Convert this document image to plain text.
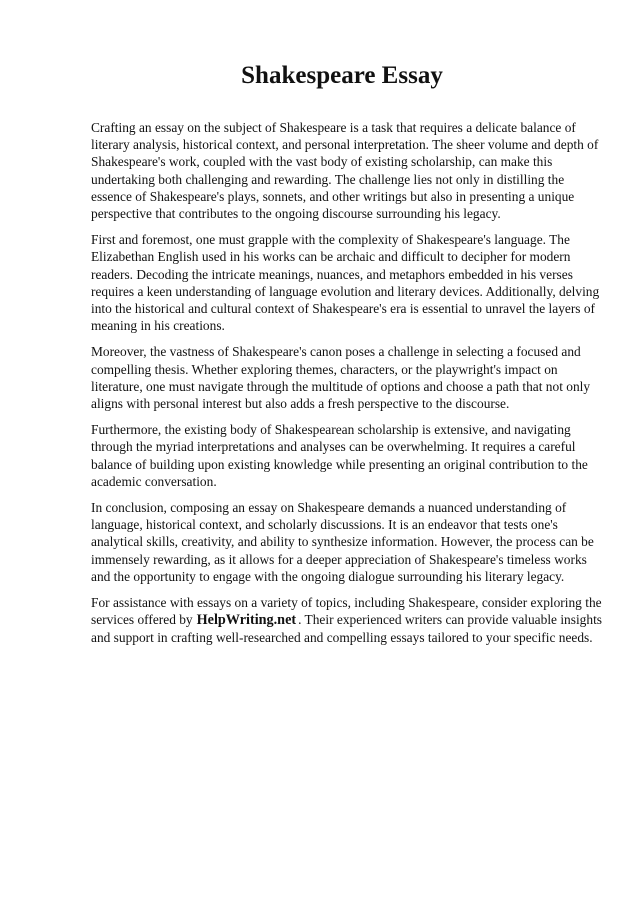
Shakespeare Essay

Crafting an essay on the subject of Shakespeare is a task that requires a delicate balance of literary analysis, historical context, and personal interpretation. The sheer volume and depth of Shakespeare's work, coupled with the vast body of existing scholarship, can make this undertaking both challenging and rewarding. The challenge lies not only in distilling the essence of Shakespeare's plays, sonnets, and other writings but also in presenting a unique perspective that contributes to the ongoing discourse surrounding his legacy.

First and foremost, one must grapple with the complexity of Shakespeare's language. The Elizabethan English used in his works can be archaic and difficult to decipher for modern readers. Decoding the intricate meanings, nuances, and metaphors embedded in his verses requires a keen understanding of language evolution and literary devices. Additionally, delving into the historical and cultural context of Shakespeare's era is essential to unravel the layers of meaning in his creations.

Moreover, the vastness of Shakespeare's canon poses a challenge in selecting a focused and compelling thesis. Whether exploring themes, characters, or the playwright's impact on literature, one must navigate through the multitude of options and choose a path that not only aligns with personal interest but also adds a fresh perspective to the discourse.

Furthermore, the existing body of Shakespearean scholarship is extensive, and navigating through the myriad interpretations and analyses can be overwhelming. It requires a careful balance of building upon existing knowledge while presenting an original contribution to the academic conversation.

In conclusion, composing an essay on Shakespeare demands a nuanced understanding of language, historical context, and scholarly discussions. It is an endeavor that tests one's analytical skills, creativity, and ability to synthesize information. However, the process can be immensely rewarding, as it allows for a deeper appreciation of Shakespeare's timeless works and the opportunity to engage with the ongoing dialogue surrounding his literary legacy.

For assistance with essays on a variety of topics, including Shakespeare, consider exploring the services offered by HelpWriting.net . Their experienced writers can provide valuable insights and support in crafting well-researched and compelling essays tailored to your specific needs.
